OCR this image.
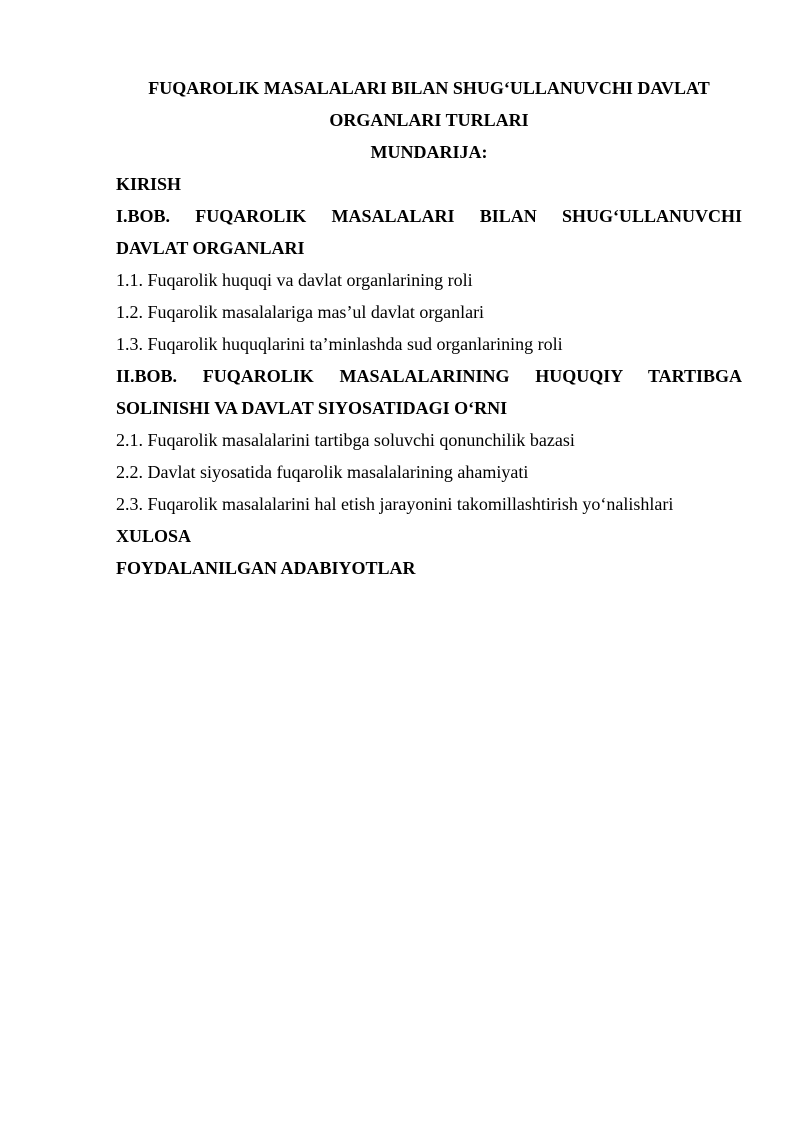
FUQAROLIK MASALALARI BILAN SHUG‘ULLANUVCHI DAVLAT

ORGANLARI TURLARI

MUNDARIJA:

KIRISH

I.BOB. FUQAROLIK MASALALARI BILAN SHUG‘ULLANUVCHI

DAVLAT ORGANLARI

1.1. Fuqarolik huquqi va davlat organlarining roli

1.2. Fuqarolik masalalariga mas’ul davlat organlari

1.3. Fuqarolik huquqlarini ta’minlashda sud organlarining roli

II.BOB. FUQAROLIK MASALALARINING HUQUQIY TARTIBGA

SOLINISHI VA DAVLAT SIYOSATIDAGI O‘RNI

2.1. Fuqarolik masalalarini tartibga soluvchi qonunchilik bazasi

2.2. Davlat siyosatida fuqarolik masalalarining ahamiyati

2.3. Fuqarolik masalalarini hal etish jarayonini takomillashtirish yo‘nalishlari

XULOSA

FOYDALANILGAN ADABIYOTLAR
